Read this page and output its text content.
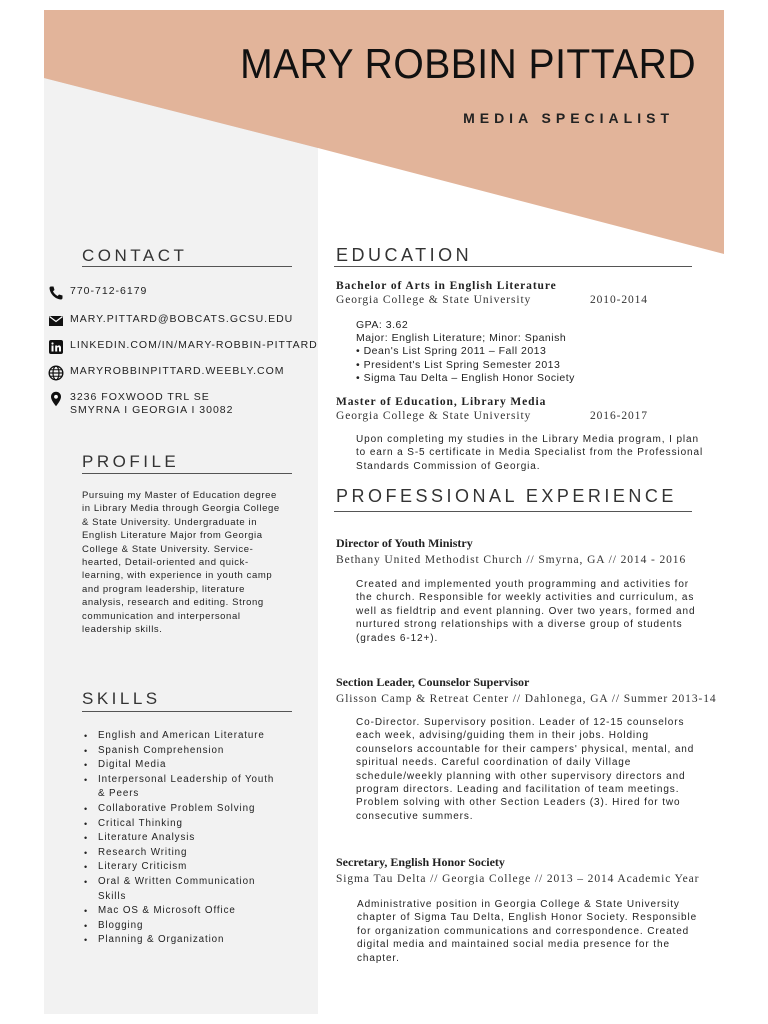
MARY ROBBIN PITTARD
MEDIA SPECIALIST
CONTACT
770-712-6179
MARY.PITTARD@BOBCATS.GCSU.EDU
LINKEDIN.COM/IN/MARY-ROBBIN-PITTARD
MARYROBBINPITTARD.WEEBLY.COM
3236 FOXWOOD TRL SE
SMYRNA I GEORGIA I 30082
PROFILE
Pursuing my Master of Education degree
in Library Media through Georgia College
& State University. Undergraduate in
English Literature Major from Georgia
College & State University. Service-
hearted, Detail-oriented and quick-
learning, with experience in youth camp
and program leadership, literature
analysis, research and editing. Strong
communication and interpersonal
leadership skills.
SKILLS
• English and American Literature
• Spanish Comprehension
• Digital Media
• Interpersonal Leadership of Youth & Peers
• Collaborative Problem Solving
• Critical Thinking
• Literature Analysis
• Research Writing
• Literary Criticism
• Oral & Written Communication Skills
• Mac OS & Microsoft Office
• Blogging
• Planning & Organization
EDUCATION
Bachelor of Arts in English Literature
Georgia College & State University	2010-2014
GPA: 3.62
Major: English Literature; Minor: Spanish
• Dean's List Spring 2011 – Fall 2013
• President's List Spring Semester 2013
• Sigma Tau Delta – English Honor Society
Master of Education, Library Media
Georgia College & State University	2016-2017
Upon completing my studies in the Library Media program, I plan
to earn a S-5 certificate in Media Specialist from the Professional
Standards Commission of Georgia.
PROFESSIONAL EXPERIENCE
Director of Youth Ministry
Bethany United Methodist Church // Smyrna, GA // 2014 - 2016
Created and implemented youth programming and activities for
the church. Responsible for weekly activities and curriculum, as
well as fieldtrip and event planning. Over two years, formed and
nurtured strong relationships with a diverse group of students
(grades 6-12+).
Section Leader, Counselor Supervisor
Glisson Camp & Retreat Center // Dahlonega, GA // Summer 2013-14
Co-Director. Supervisory position. Leader of 12-15 counselors
each week, advising/guiding them in their jobs. Holding
counselors accountable for their campers' physical, mental, and
spiritual needs. Careful coordination of daily Village
schedule/weekly planning with other supervisory directors and
program directors. Leading and facilitation of team meetings.
Problem solving with other Section Leaders (3). Hired for two
consecutive summers.
Secretary, English Honor Society
Sigma Tau Delta // Georgia College // 2013 – 2014 Academic Year
Administrative position in Georgia College & State University
chapter of Sigma Tau Delta, English Honor Society. Responsible
for organization communications and correspondence. Created
digital media and maintained social media presence for the
chapter.
